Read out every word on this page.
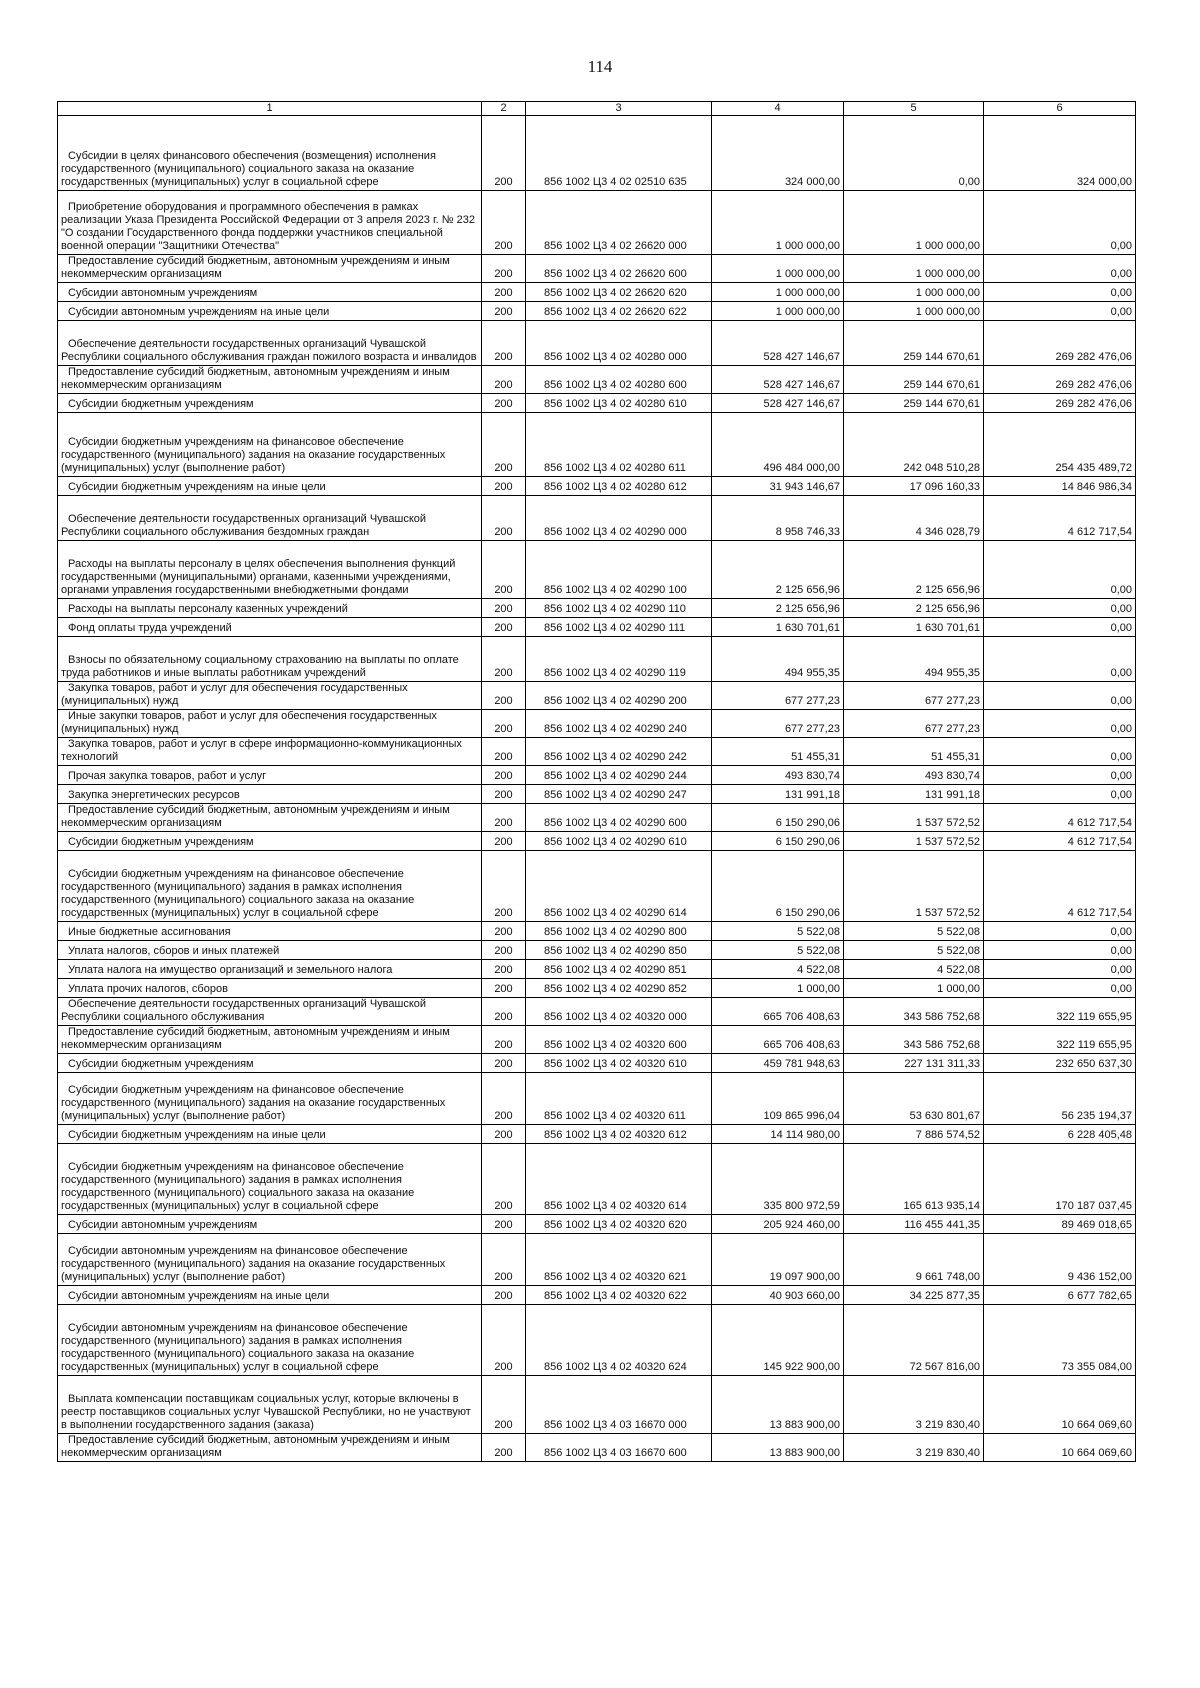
114
1	2	3	4	5	6
Субсидии в целях финансового обеспечения (возмещения) исполнения государственного (муниципального) социального заказа на оказание государственных (муниципальных) услуг в социальной сфере	200	856 1002 Ц3 4 02 02510 635	324 000,00	0,00	324 000,00
Приобретение оборудования и программного обеспечения в рамках реализации Указа Президента Российской Федерации от 3 апреля 2023 г. № 232 "О создании Государственного фонда поддержки участников специальной военной операции "Защитники Отечества"	200	856 1002 Ц3 4 02 26620 000	1 000 000,00	1 000 000,00	0,00
Предоставление субсидий бюджетным, автономным учреждениям и иным некоммерческим организациям	200	856 1002 Ц3 4 02 26620 600	1 000 000,00	1 000 000,00	0,00
Субсидии автономным учреждениям	200	856 1002 Ц3 4 02 26620 620	1 000 000,00	1 000 000,00	0,00
Субсидии автономным учреждениям на иные цели	200	856 1002 Ц3 4 02 26620 622	1 000 000,00	1 000 000,00	0,00
Обеспечение деятельности государственных организаций Чувашской Республики социального обслуживания граждан пожилого возраста и инвалидов	200	856 1002 Ц3 4 02 40280 000	528 427 146,67	259 144 670,61	269 282 476,06
Предоставление субсидий бюджетным, автономным учреждениям и иным некоммерческим организациям	200	856 1002 Ц3 4 02 40280 600	528 427 146,67	259 144 670,61	269 282 476,06
Субсидии бюджетным учреждениям	200	856 1002 Ц3 4 02 40280 610	528 427 146,67	259 144 670,61	269 282 476,06
Субсидии бюджетным учреждениям на финансовое обеспечение государственного (муниципального) задания на оказание государственных (муниципальных) услуг (выполнение работ)	200	856 1002 Ц3 4 02 40280 611	496 484 000,00	242 048 510,28	254 435 489,72
Субсидии бюджетным учреждениям на иные цели	200	856 1002 Ц3 4 02 40280 612	31 943 146,67	17 096 160,33	14 846 986,34
Обеспечение деятельности государственных организаций Чувашской Республики социального обслуживания бездомных граждан	200	856 1002 Ц3 4 02 40290 000	8 958 746,33	4 346 028,79	4 612 717,54
Расходы на выплаты персоналу в целях обеспечения выполнения функций государственными (муниципальными) органами, казенными учреждениями, органами управления государственными внебюджетными фондами	200	856 1002 Ц3 4 02 40290 100	2 125 656,96	2 125 656,96	0,00
Расходы на выплаты персоналу казенных учреждений	200	856 1002 Ц3 4 02 40290 110	2 125 656,96	2 125 656,96	0,00
Фонд оплаты труда учреждений	200	856 1002 Ц3 4 02 40290 111	1 630 701,61	1 630 701,61	0,00
Взносы по обязательному социальному страхованию на выплаты по оплате труда работников и иные выплаты работникам учреждений	200	856 1002 Ц3 4 02 40290 119	494 955,35	494 955,35	0,00
Закупка товаров, работ и услуг для обеспечения государственных (муниципальных) нужд	200	856 1002 Ц3 4 02 40290 200	677 277,23	677 277,23	0,00
Иные закупки товаров, работ и услуг для обеспечения государственных (муниципальных) нужд	200	856 1002 Ц3 4 02 40290 240	677 277,23	677 277,23	0,00
Закупка товаров, работ и услуг в сфере информационно-коммуникационных технологий	200	856 1002 Ц3 4 02 40290 242	51 455,31	51 455,31	0,00
Прочая закупка товаров, работ и услуг	200	856 1002 Ц3 4 02 40290 244	493 830,74	493 830,74	0,00
Закупка энергетических ресурсов	200	856 1002 Ц3 4 02 40290 247	131 991,18	131 991,18	0,00
Предоставление субсидий бюджетным, автономным учреждениям и иным некоммерческим организациям	200	856 1002 Ц3 4 02 40290 600	6 150 290,06	1 537 572,52	4 612 717,54
Субсидии бюджетным учреждениям	200	856 1002 Ц3 4 02 40290 610	6 150 290,06	1 537 572,52	4 612 717,54
Субсидии бюджетным учреждениям на финансовое обеспечение государственного (муниципального) задания в рамках исполнения государственного (муниципального) социального заказа на оказание государственных (муниципальных) услуг в социальной сфере	200	856 1002 Ц3 4 02 40290 614	6 150 290,06	1 537 572,52	4 612 717,54
Иные бюджетные ассигнования	200	856 1002 Ц3 4 02 40290 800	5 522,08	5 522,08	0,00
Уплата налогов, сборов и иных платежей	200	856 1002 Ц3 4 02 40290 850	5 522,08	5 522,08	0,00
Уплата налога на имущество организаций и земельного налога	200	856 1002 Ц3 4 02 40290 851	4 522,08	4 522,08	0,00
Уплата прочих налогов, сборов	200	856 1002 Ц3 4 02 40290 852	1 000,00	1 000,00	0,00
Обеспечение деятельности государственных организаций Чувашской Республики социального обслуживания	200	856 1002 Ц3 4 02 40320 000	665 706 408,63	343 586 752,68	322 119 655,95
Предоставление субсидий бюджетным, автономным учреждениям и иным некоммерческим организациям	200	856 1002 Ц3 4 02 40320 600	665 706 408,63	343 586 752,68	322 119 655,95
Субсидии бюджетным учреждениям	200	856 1002 Ц3 4 02 40320 610	459 781 948,63	227 131 311,33	232 650 637,30
Субсидии бюджетным учреждениям на финансовое обеспечение государственного (муниципального) задания на оказание государственных (муниципальных) услуг (выполнение работ)	200	856 1002 Ц3 4 02 40320 611	109 865 996,04	53 630 801,67	56 235 194,37
Субсидии бюджетным учреждениям на иные цели	200	856 1002 Ц3 4 02 40320 612	14 114 980,00	7 886 574,52	6 228 405,48
Субсидии бюджетным учреждениям на финансовое обеспечение государственного (муниципального) задания в рамках исполнения государственного (муниципального) социального заказа на оказание государственных (муниципальных) услуг в социальной сфере	200	856 1002 Ц3 4 02 40320 614	335 800 972,59	165 613 935,14	170 187 037,45
Субсидии автономным учреждениям	200	856 1002 Ц3 4 02 40320 620	205 924 460,00	116 455 441,35	89 469 018,65
Субсидии автономным учреждениям на финансовое обеспечение государственного (муниципального) задания на оказание государственных (муниципальных) услуг (выполнение работ)	200	856 1002 Ц3 4 02 40320 621	19 097 900,00	9 661 748,00	9 436 152,00
Субсидии автономным учреждениям на иные цели	200	856 1002 Ц3 4 02 40320 622	40 903 660,00	34 225 877,35	6 677 782,65
Субсидии автономным учреждениям на финансовое обеспечение государственного (муниципального) задания в рамках исполнения государственного (муниципального) социального заказа на оказание государственных (муниципальных) услуг в социальной сфере	200	856 1002 Ц3 4 02 40320 624	145 922 900,00	72 567 816,00	73 355 084,00
Выплата компенсации поставщикам социальных услуг, которые включены в реестр поставщиков социальных услуг Чувашской Республики, но не участвуют в выполнении государственного задания (заказа)	200	856 1002 Ц3 4 03 16670 000	13 883 900,00	3 219 830,40	10 664 069,60
Предоставление субсидий бюджетным, автономным учреждениям и иным некоммерческим организациям	200	856 1002 Ц3 4 03 16670 600	13 883 900,00	3 219 830,40	10 664 069,60
